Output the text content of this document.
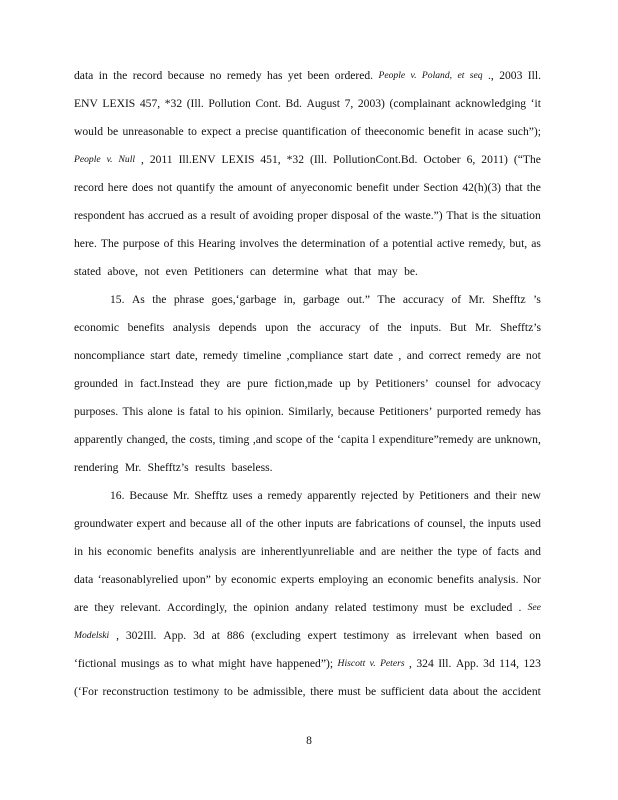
data in the record because no remedy has yet been ordered. People v. Poland, et seq ., 2003 Ill.
ENV LEXIS 457, *32 (Ill. Pollution Cont. Bd. August 7, 2003) (complainant acknowledging ‘it
would be unreasonable to expect a precise quantification of theeconomic benefit in acase such”);
People v. Null , 2011 Ill.ENV LEXIS 451, *32 (Ill. PollutionCont.Bd. October 6, 2011) (“The
record here does not quantify the amount of anyeconomic benefit under Section 42(h)(3) that the
respondent has accrued as a result of avoiding proper disposal of the waste.”) That is the situation
here. The purpose of this Hearing involves the determination of a potential active remedy, but, as
stated above, not even Petitioners can determine what that may be.
15. As the phrase goes,‘garbage in, garbage out.” The accuracy of Mr. Shefftz ’s
economic benefits analysis depends upon the accuracy of the inputs. But Mr. Shefftz’s
noncompliance start date, remedy timeline ,compliance start date , and correct remedy are not
grounded in fact.Instead they are pure fiction,made up by Petitioners’ counsel for advocacy
purposes. This alone is fatal to his opinion. Similarly, because Petitioners’ purported remedy has
apparently changed, the costs, timing ,and scope of the ‘capita l expenditure”remedy are unknown,
rendering Mr. Shefftz’s results baseless.
16. Because Mr. Shefftz uses a remedy apparently rejected by Petitioners and their new
groundwater expert and because all of the other inputs are fabrications of counsel, the inputs used
in his economic benefits analysis are inherentlyunreliable and are neither the type of facts and
data ‘reasonablyrelied upon” by economic experts employing an economic benefits analysis. Nor
are they relevant. Accordingly, the opinion andany related testimony must be excluded . See
Modelski , 302Ill. App. 3d at 886 (excluding expert testimony as irrelevant when based on
‘fictional musings as to what might have happened”); Hiscott v. Peters , 324 Ill. App. 3d 114, 123
(‘For reconstruction testimony to be admissible, there must be sufficient data about the accident
8
